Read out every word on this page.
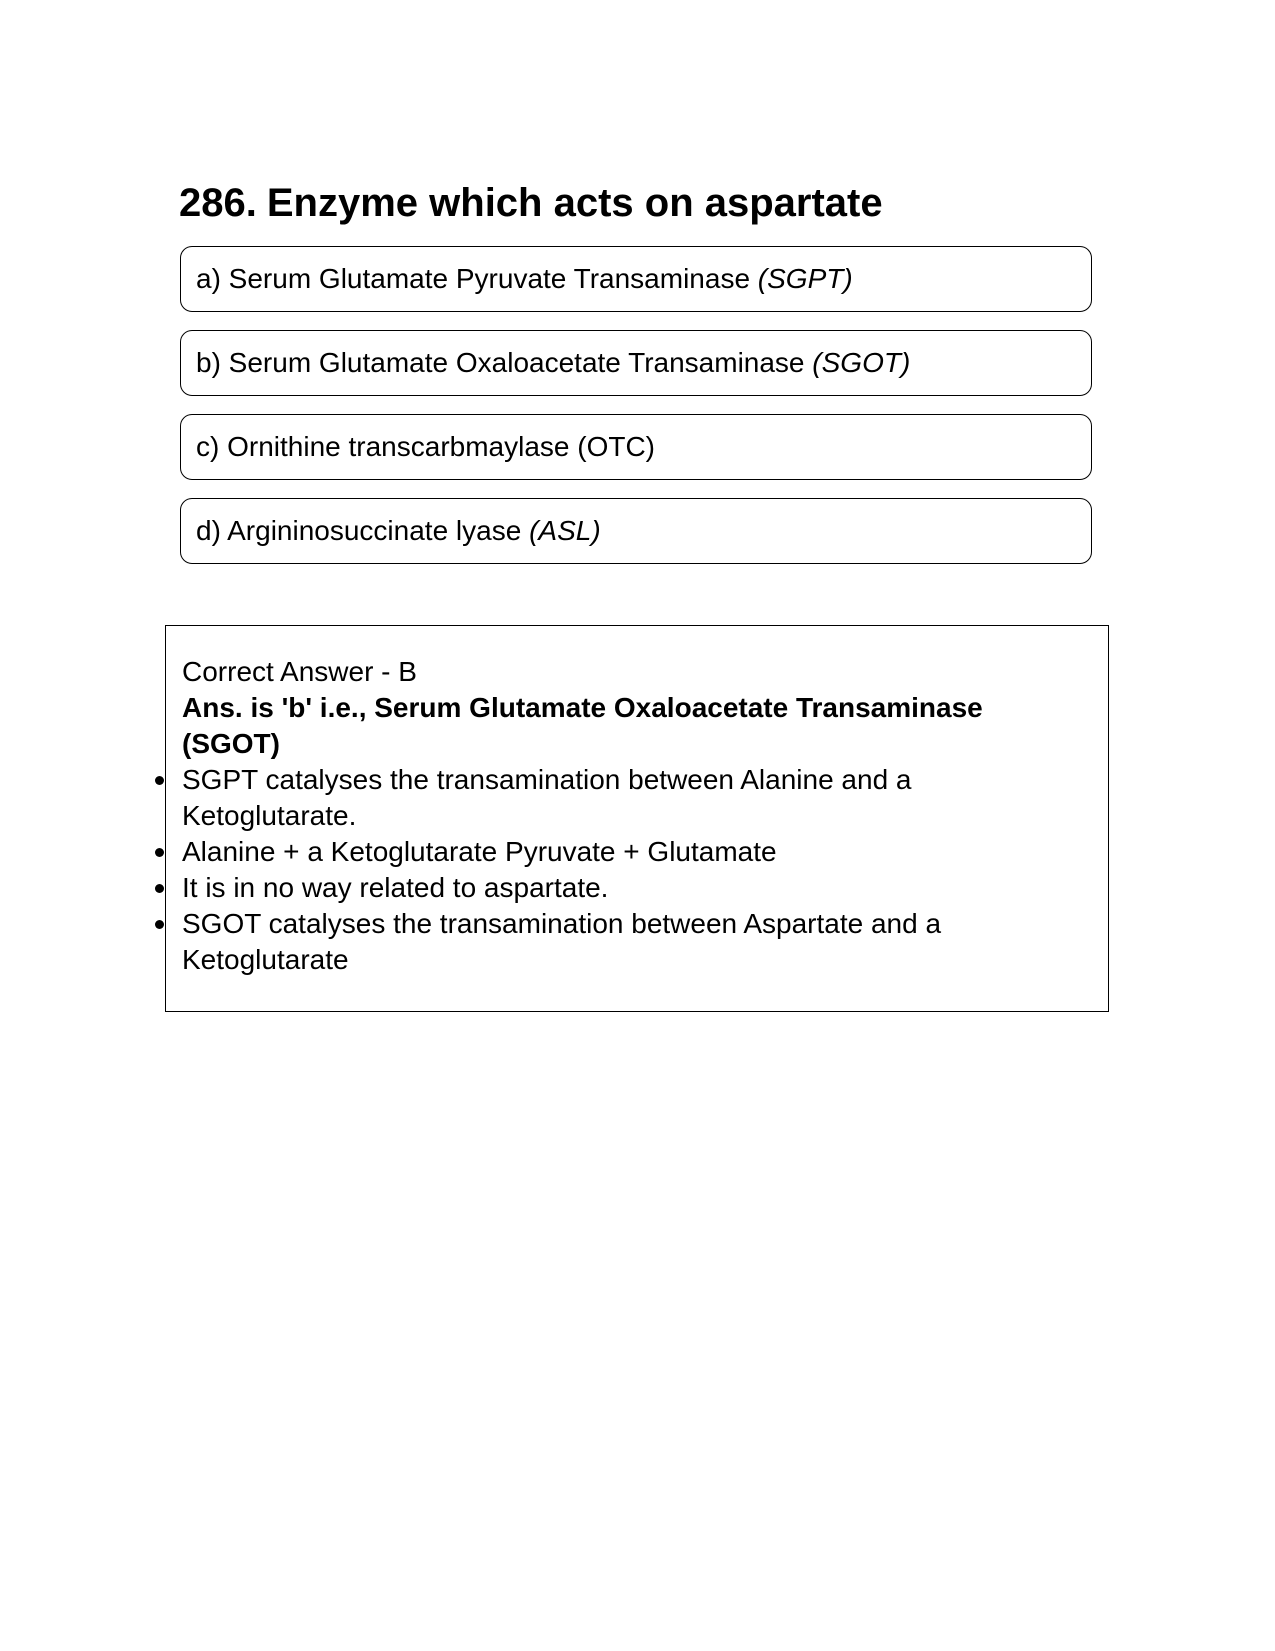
286. Enzyme which acts on aspartate
a) Serum Glutamate Pyruvate Transaminase (SGPT)
b) Serum Glutamate Oxaloacetate Transaminase (SGOT)
c) Ornithine transcarbmaylase (OTC)
d) Argininosuccinate lyase (ASL)
Correct Answer - B
Ans. is 'b' i.e., Serum Glutamate Oxaloacetate Transaminase (SGOT)
SGPT catalyses the transamination between Alanine and a Ketoglutarate.
Alanine + a Ketoglutarate Pyruvate + Glutamate
It is in no way related to aspartate.
SGOT catalyses the transamination between Aspartate and a Ketoglutarate
